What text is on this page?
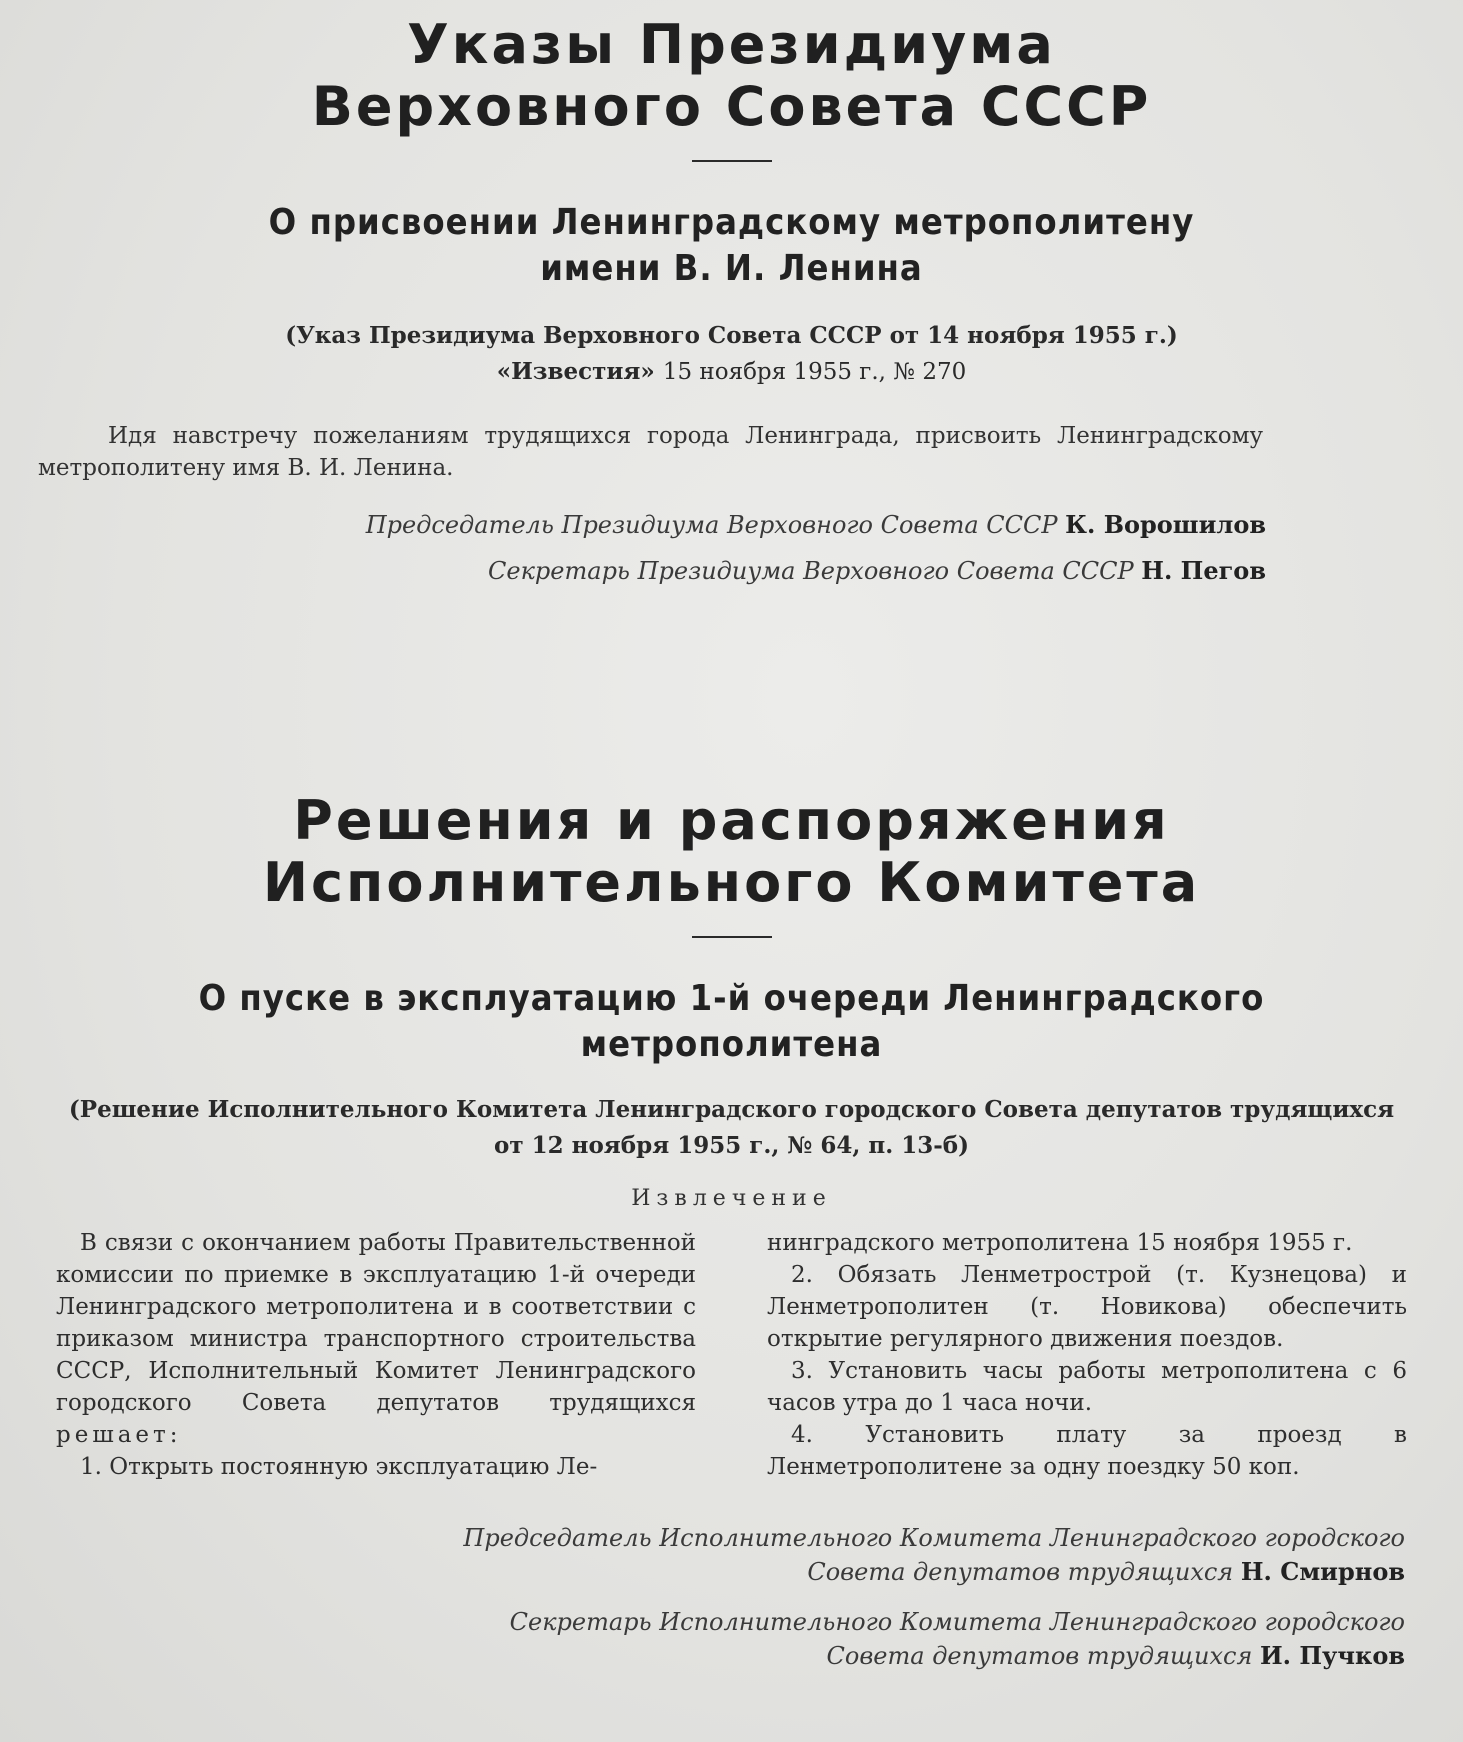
Указы Президиума

Верховного Совета СССР

О присвоении Ленинградскому метрополитену

имени В. И. Ленина

(Указ Президиума Верховного Совета СССР от 14 ноября 1955 г.)

«Известия» 15 ноября 1955 г., № 270

Идя навстречу пожеланиям трудящихся города Ленинграда, присвоить Ленинградскому метрополитену имя В. И. Ленина.

Председатель Президиума Верховного Совета СССР К. Ворошилов

Секретарь Президиума Верховного Совета СССР Н. Пегов

Решения и распоряжения

Исполнительного Комитета

О пуске в эксплуатацию 1-й очереди Ленинградского

метрополитена

(Решение Исполнительного Комитета Ленинградского городского Совета депутатов трудящихся

от 12 ноября 1955 г., № 64, п. 13-б)

Извлечение

В связи с окончанием работы Правительственной комиссии по приемке в эксплуатацию 1-й очереди Ленинградского метрополитена и в соответствии с приказом министра транспортного строительства СССР, Исполнительный Комитет Ленинградского городского Совета депутатов трудящихся решает:

1. Открыть постоянную эксплуатацию Ле-

нинградского метрополитена 15 ноября 1955 г.

2. Обязать Ленметрострой (т. Кузнецова) и Ленметрополитен (т. Новикова) обеспечить открытие регулярного движения поездов.

3. Установить часы работы метрополитена с 6 часов утра до 1 часа ночи.

4. Установить плату за проезд в Ленметрополитене за одну поездку 50 коп.

Председатель Исполнительного Комитета Ленинградского городского
Совета депутатов трудящихся Н. Смирнов

Секретарь Исполнительного Комитета Ленинградского городского
Совета депутатов трудящихся И. Пучков
